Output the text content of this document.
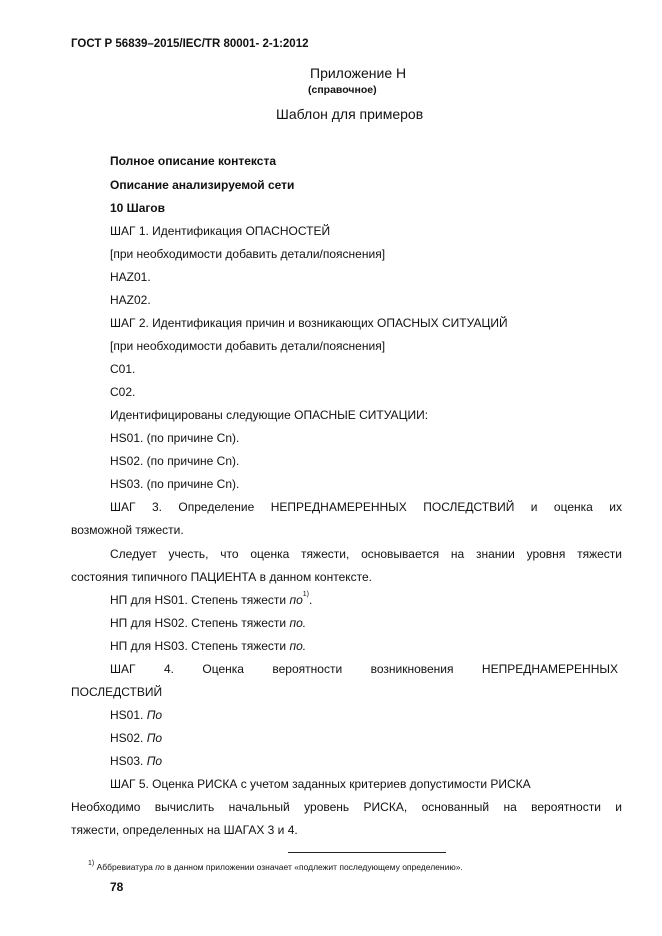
ГОСТ Р 56839–2015/IEC/TR 80001- 2-1:2012
Приложение H
(справочное)
Шаблон для примеров
Полное описание контекста
Описание анализируемой сети
10 Шагов
ШАГ 1. Идентификация ОПАСНОСТЕЙ
[при необходимости добавить детали/пояснения]
HAZ01.
HAZ02.
ШАГ 2. Идентификация причин и возникающих ОПАСНЫХ СИТУАЦИЙ
[при необходимости добавить детали/пояснения]
C01.
C02.
Идентифицированы следующие ОПАСНЫЕ СИТУАЦИИ:
HS01. (по причине Cn).
HS02. (по причине Cn).
HS03. (по причине Cn).
ШАГ 3. Определение НЕПРЕДНАМЕРЕННЫХ ПОСЛЕДСТВИЙ и оценка их
возможной тяжести.
Следует учесть, что оценка тяжести, основывается на знании уровня тяжести
состояния типичного ПАЦИЕНТА в данном контексте.
НП для HS01. Степень тяжести $по^{1)}$.
НП для HS02. Степень тяжести по.
НП для HS03. Степень тяжести по.
ШАГ 4. Оценка вероятности возникновения НЕПРЕДНАМЕРЕННЫХ
ПОСЛЕДСТВИЙ
HS01. По
HS02. По
HS03. По
ШАГ 5. Оценка РИСКА с учетом заданных критериев допустимости РИСКА
Необходимо вычислить начальный уровень РИСКА, основанный на вероятности и
тяжести, определенных на ШАГАХ 3 и 4.
$^{1)}$ Аббревиатура по в данном приложении означает «подлежит последующему определению».
78
